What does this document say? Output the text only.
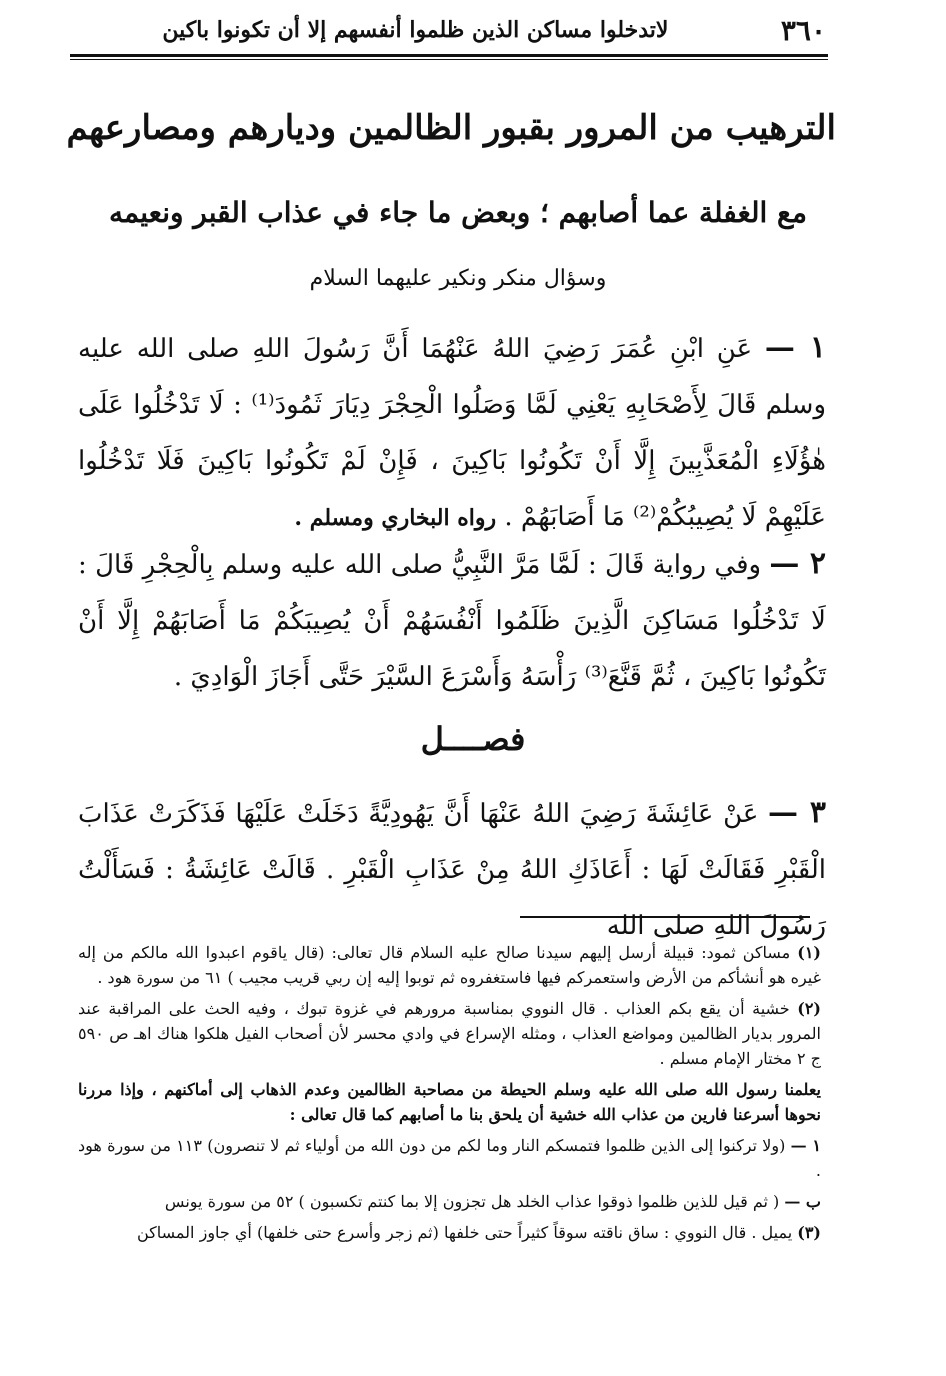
٣٦٠
لاتدخلوا مساكن الذين ظلموا أنفسهم إلا أن تكونوا باكين
الترهيب من المرور بقبور الظالمين وديارهم ومصارعهم
مع الغفلة عما أصابهم ؛ وبعض ما جاء في عذاب القبر ونعيمه
وسؤال منكر ونكير عليهما السلام
١ — عَنِ ابْنِ عُمَرَ رَضِيَ اللهُ عَنْهُمَا أَنَّ رَسُولَ اللهِ صلى الله عليه وسلم قَالَ لِأَصْحَابِهِ يَعْنِي لَمَّا وَصَلُوا الْحِجْرَ دِيَارَ ثَمُودَ⁽¹⁾ : لَا تَدْخُلُوا عَلَى هٰؤُلَاءِ الْمُعَذَّبِينَ إِلَّا أَنْ تَكُونُوا بَاكِينَ ، فَإِنْ لَمْ تَكُونُوا بَاكِينَ فَلَا تَدْخُلُوا عَلَيْهِمْ لَا يُصِيبُكُمْ⁽²⁾ مَا أَصَابَهُمْ . رواه البخاري ومسلم .
٢ — وفي رواية قَالَ : لَمَّا مَرَّ النَّبِيُّ صلى الله عليه وسلم بِالْحِجْرِ قَالَ : لَا تَدْخُلُوا مَسَاكِنَ الَّذِينَ ظَلَمُوا أَنْفُسَهُمْ أَنْ يُصِيبَكُمْ مَا أَصَابَهُمْ إِلَّا أَنْ تَكُونُوا بَاكِينَ ، ثُمَّ قَنَّعَ⁽³⁾ رَأْسَهُ وَأَسْرَعَ السَّيْرَ حَتَّى أَجَازَ الْوَادِيَ .
فصــــل
٣ — عَنْ عَائِشَةَ رَضِيَ اللهُ عَنْهَا أَنَّ يَهُودِيَّةً دَخَلَتْ عَلَيْهَا فَذَكَرَتْ عَذَابَ الْقَبْرِ فَقَالَتْ لَهَا : أَعَاذَكِ اللهُ مِنْ عَذَابِ الْقَبْرِ . قَالَتْ عَائِشَةُ : فَسَأَلْتُ رَسُولَ اللهِ صلى الله

(١) مساكن ثمود: قبيلة أرسل إليهم سيدنا صالح عليه السلام قال تعالى: (قال ياقوم اعبدوا الله مالكم من إله غيره هو أنشأكم من الأرض واستعمركم فيها فاستغفروه ثم توبوا إليه إن ربي قريب مجيب ) ٦١ من سورة هود .

(٢) خشية أن يقع بكم العذاب . قال النووي بمناسبة مرورهم في غزوة تبوك ، وفيه الحث على المراقبة عند المرور بديار الظالمين ومواضع العذاب ، ومثله الإسراع في وادي محسر لأن أصحاب الفيل هلكوا هناك اهـ ص ٥٩٠ ج ٢ مختار الإمام مسلم .

يعلمنا رسول الله صلى الله عليه وسلم الحيطة من مصاحبة الظالمين وعدم الذهاب إلى أماكنهم ، وإذا مررنا نحوها أسرعنا فارين من عذاب الله خشية أن يلحق بنا ما أصابهم كما قال تعالى :

١ — (ولا تركنوا إلى الذين ظلموا فتمسكم النار وما لكم من دون الله من أولياء ثم لا تنصرون) ١١٣ من سورة هود .

ب — ( ثم قيل للذين ظلموا ذوقوا عذاب الخلد هل تجزون إلا بما كنتم تكسبون ) ٥٢ من سورة يونس

(٣) يميل . قال النووي : ساق ناقته سوقاً كثيراً حتى خلفها (ثم زجر وأسرع حتى خلفها) أي جاوز المساكن
